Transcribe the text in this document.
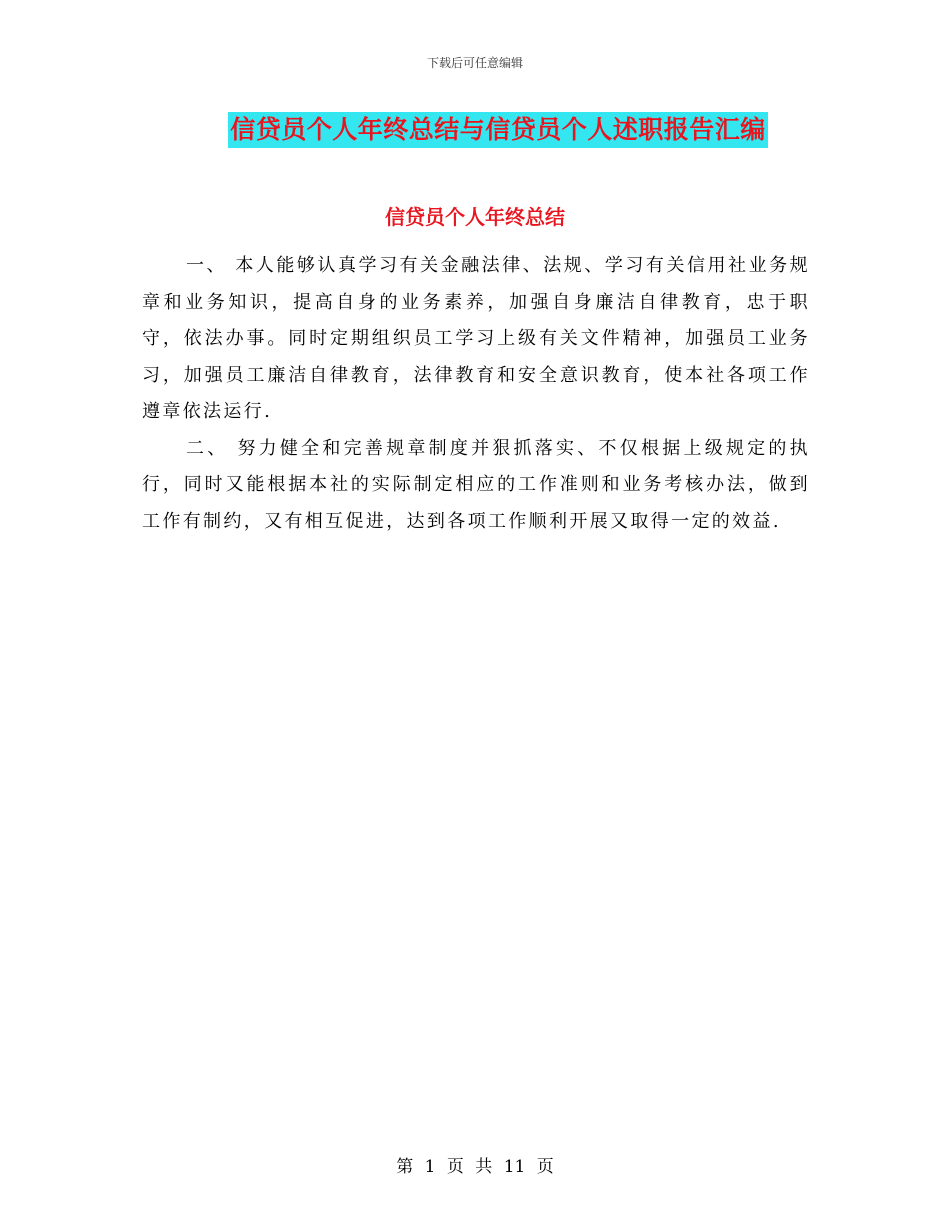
下载后可任意编辑
信贷员个人年终总结与信贷员个人述职报告汇编
信贷员个人年终总结

一、 本人能够认真学习有关金融法律、法规、学习有关信用社业务规章和业务知识，提高自身的业务素养，加强自身廉洁自律教育，忠于职守，依法办事。同时定期组织员工学习上级有关文件精神，加强员工业务习，加强员工廉洁自律教育，法律教育和安全意识教育，使本社各项工作遵章依法运行.

二、 努力健全和完善规章制度并狠抓落实、不仅根据上级规定的执行，同时又能根据本社的实际制定相应的工作准则和业务考核办法，做到工作有制约，又有相互促进，达到各项工作顺利开展又取得一定的效益.

第 1 页 共 11 页
